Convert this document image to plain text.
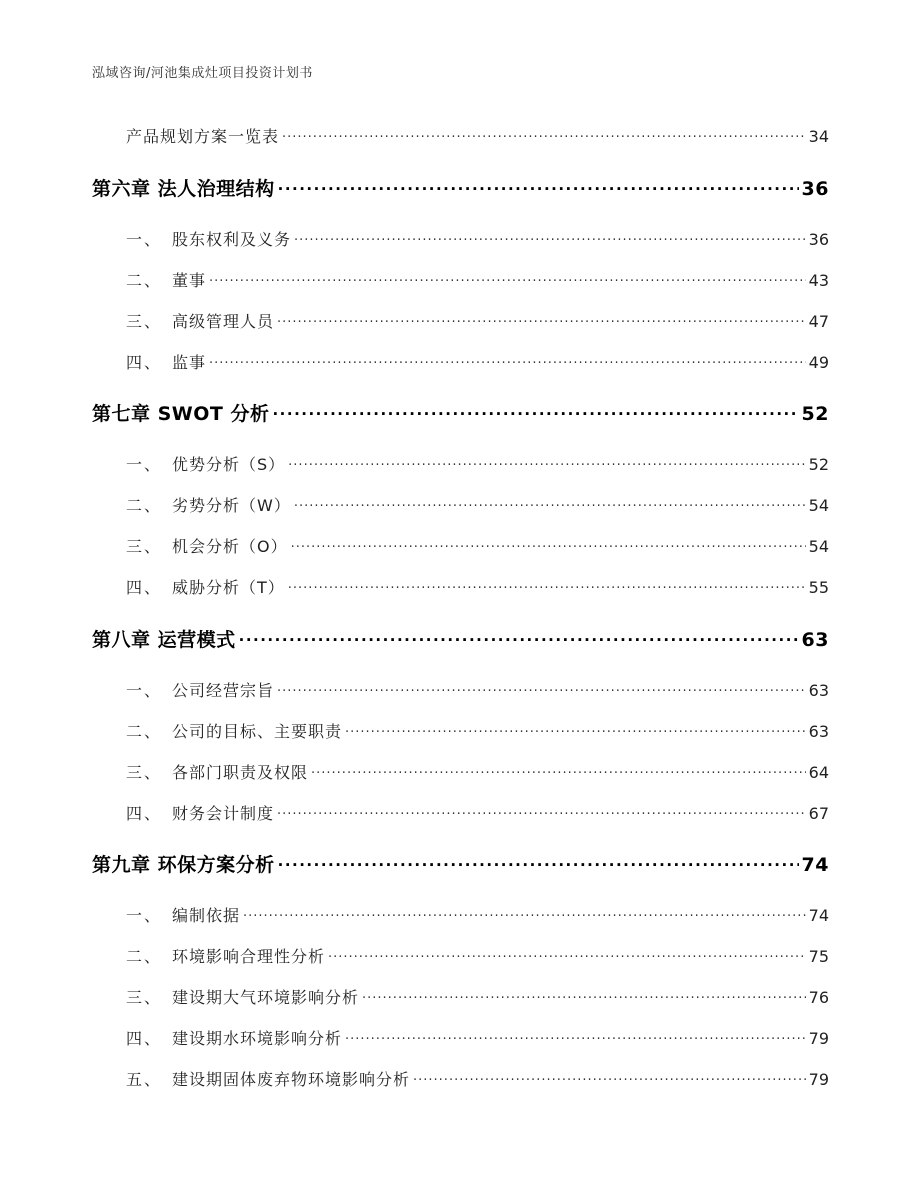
泓域咨询/河池集成灶项目投资计划书
产品规划方案一览表 .....	34
第六章 法人治理结构 .....	36
一、 股东权利及义务 .....	36
二、 董事 .....	43
三、 高级管理人员 .....	47
四、 监事 .....	49
第七章 SWOT 分析 .....	52
一、 优势分析（S） .....	52
二、 劣势分析（W） .....	54
三、 机会分析（O） .....	54
四、 威胁分析（T） .....	55
第八章 运营模式 .....	63
一、 公司经营宗旨 .....	63
二、 公司的目标、主要职责 .....	63
三、 各部门职责及权限 .....	64
四、 财务会计制度 .....	67
第九章 环保方案分析 .....	74
一、 编制依据 .....	74
二、 环境影响合理性分析 .....	75
三、 建设期大气环境影响分析 .....	76
四、 建设期水环境影响分析 .....	79
五、 建设期固体废弃物环境影响分析 .....	79
